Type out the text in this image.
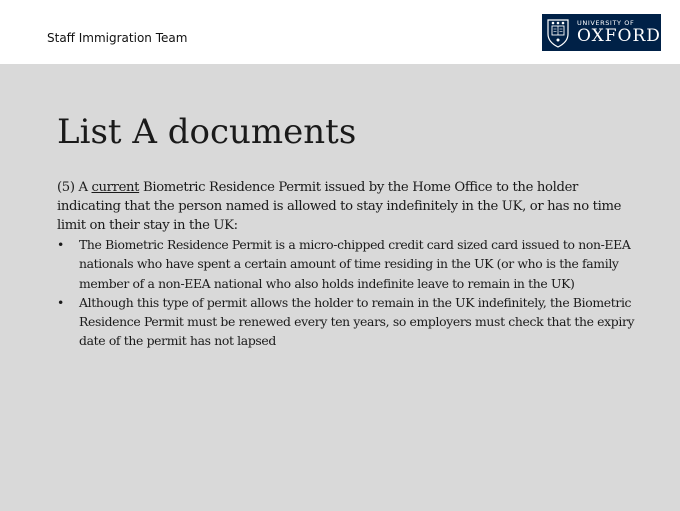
Staff Immigration Team
UNIVERSITY OF
OXFORD
List A documents

(5) A current Biometric Residence Permit issued by the Home Office to the holder indicating that the person named is allowed to stay indefinitely in the UK, or has no time limit on their stay in the UK:

• The Biometric Residence Permit is a micro-chipped credit card sized card issued to non-EEA nationals who have spent a certain amount of time residing in the UK (or who is the family member of a non-EEA national who also holds indefinite leave to remain in the UK)
• Although this type of permit allows the holder to remain in the UK indefinitely, the Biometric Residence Permit must be renewed every ten years, so employers must check that the expiry date of the permit has not lapsed
